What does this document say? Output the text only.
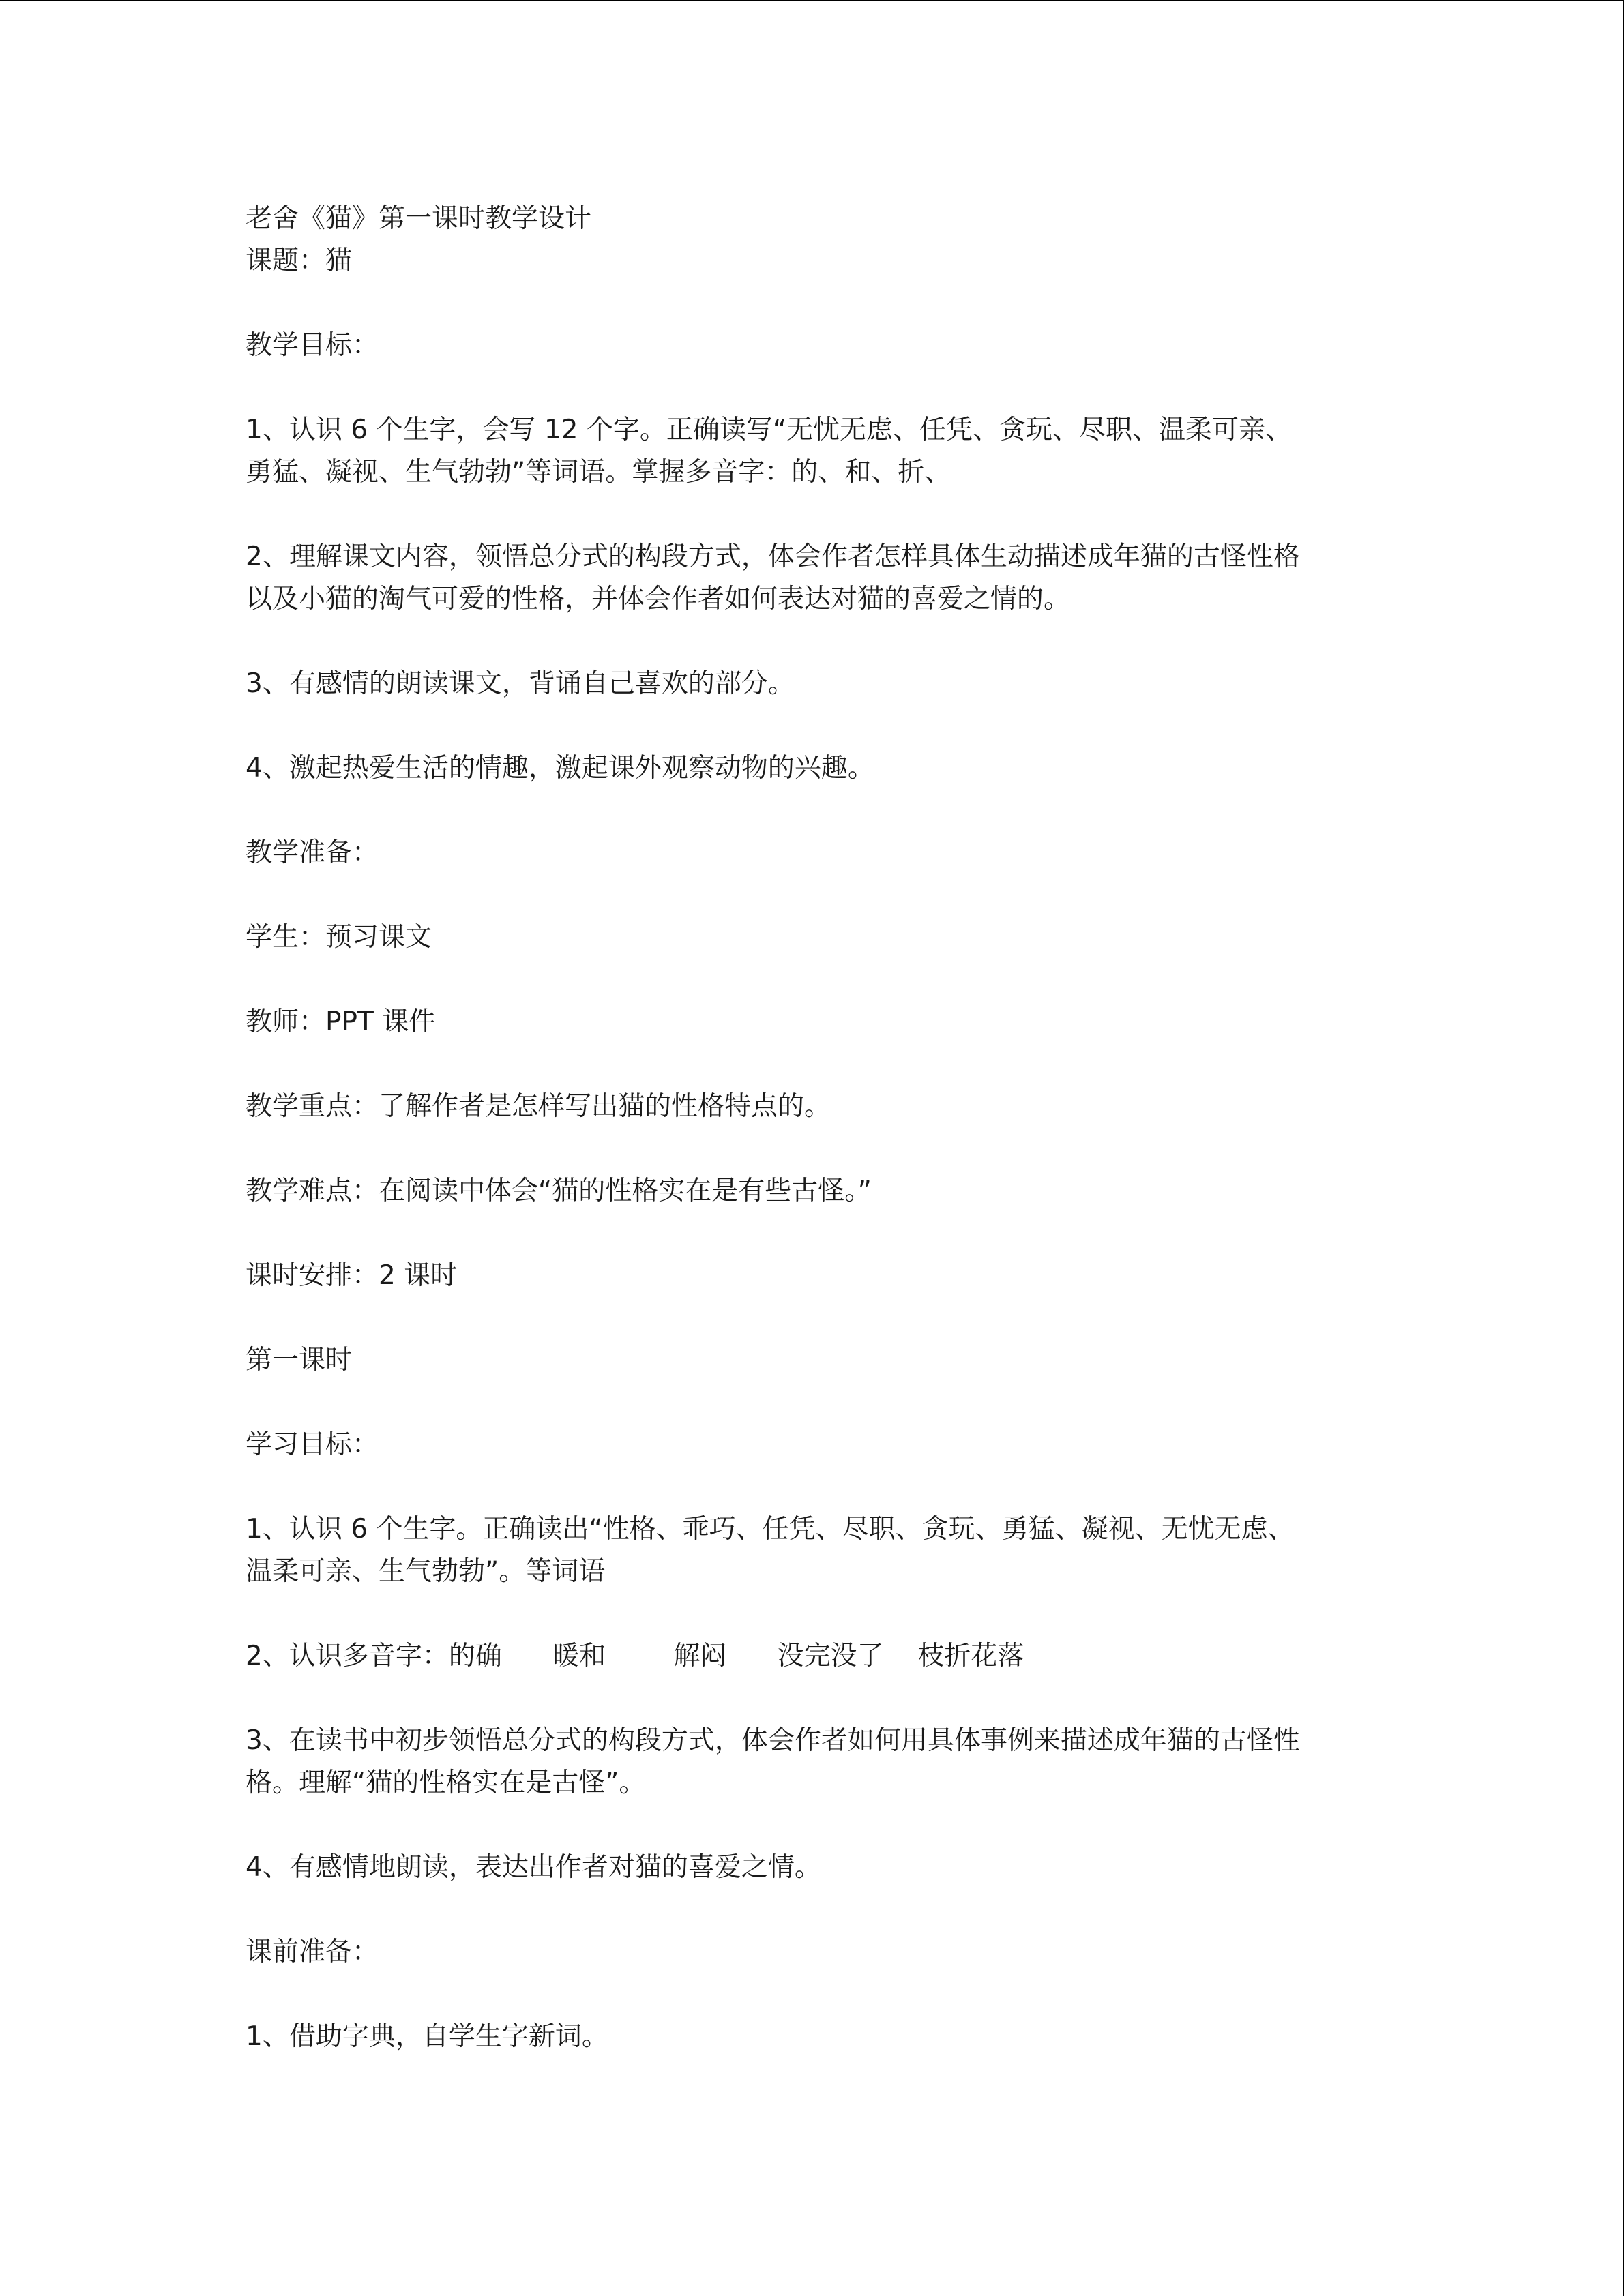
老舍《猫》第一课时教学设计

课题：猫

教学目标：

1、认识 6 个生字，会写 12 个字。正确读写“无忧无虑、任凭、贪玩、尽职、温柔可亲、

勇猛、凝视、生气勃勃”等词语。掌握多音字：的、和、折、

2、理解课文内容，领悟总分式的构段方式，体会作者怎样具体生动描述成年猫的古怪性格

以及小猫的淘气可爱的性格，并体会作者如何表达对猫的喜爱之情的。

3、有感情的朗读课文，背诵自己喜欢的部分。

4、激起热爱生活的情趣，激起课外观察动物的兴趣。

教学准备：

学生：预习课文

教师：PPT 课件

教学重点：了解作者是怎样写出猫的性格特点的。

教学难点：在阅读中体会“猫的性格实在是有些古怪。”

课时安排：2 课时

第一课时

学习目标：

1、认识 6 个生字。正确读出“性格、乖巧、任凭、尽职、贪玩、勇猛、凝视、无忧无虑、

温柔可亲、生气勃勃”。等词语

2、认识多音字：的确      暖和        解闷      没完没了    枝折花落

3、在读书中初步领悟总分式的构段方式，体会作者如何用具体事例来描述成年猫的古怪性

格。理解“猫的性格实在是古怪”。

4、有感情地朗读，表达出作者对猫的喜爱之情。

课前准备：

1、借助字典，自学生字新词。
